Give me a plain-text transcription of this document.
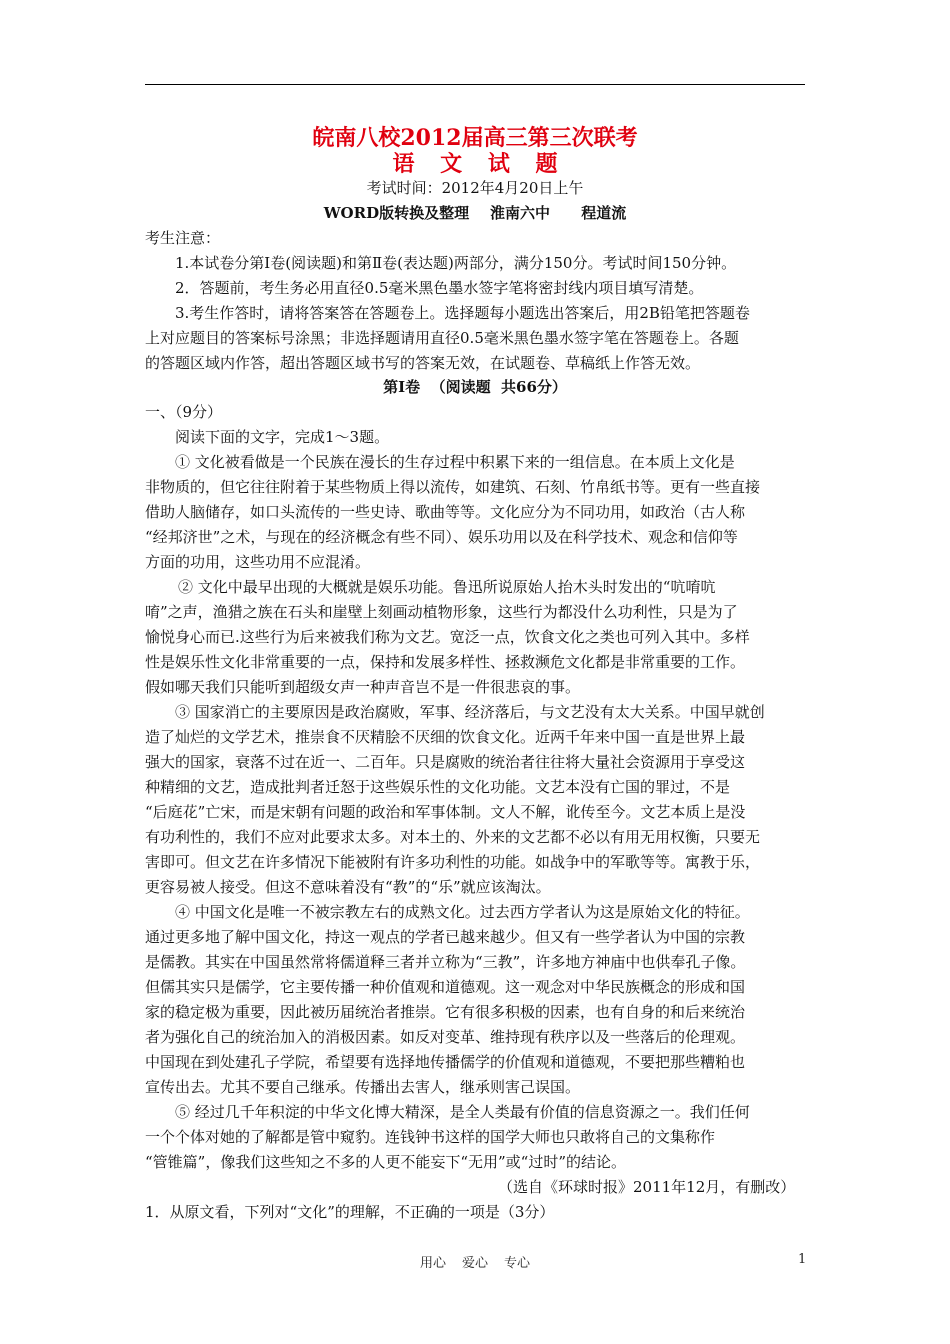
皖南八校2012届高三第三次联考
语 文 试 题
考试时间：2012年4月20日上午
WORD版转换及整理    淮南六中      程道流
考生注意：
1.本试卷分第Ⅰ卷(阅读题)和第Ⅱ卷(表达题)两部分，满分150分。考试时间150分钟。
2．答题前，考生务必用直径0.5毫米黑色墨水签字笔将密封线内项目填写清楚。
3.考生作答时，请将答案答在答题卷上。选择题每小题选出答案后，用2B铅笔把答题卷
上对应题目的答案标号涂黑；非选择题请用直径0.5毫米黑色墨水签字笔在答题卷上。各题
的答题区域内作答，超出答题区域书写的答案无效，在试题卷、草稿纸上作答无效。
第Ⅰ卷  （阅读题  共66分）
一、（9分）
阅读下面的文字，完成1～3题。
① 文化被看做是一个民族在漫长的生存过程中积累下来的一组信息。在本质上文化是
非物质的，但它往往附着于某些物质上得以流传，如建筑、石刻、竹帛纸书等。更有一些直接
借助人脑储存，如口头流传的一些史诗、歌曲等等。文化应分为不同功用，如政治（古人称
“经邦济世”之术，与现在的经济概念有些不同）、娱乐功用以及在科学技术、观念和信仰等
方面的功用，这些功用不应混淆。
② 文化中最早出现的大概就是娱乐功能。鲁迅所说原始人抬木头时发出的“吭唷吭
唷”之声，渔猎之族在石头和崖壁上刻画动植物形象，这些行为都没什么功利性，只是为了
愉悦身心而已.这些行为后来被我们称为文艺。宽泛一点，饮食文化之类也可列入其中。多样
性是娱乐性文化非常重要的一点，保持和发展多样性、拯救濒危文化都是非常重要的工作。
假如哪天我们只能听到超级女声一种声音岂不是一件很悲哀的事。
③ 国家消亡的主要原因是政治腐败，军事、经济落后，与文艺没有太大关系。中国早就创
造了灿烂的文学艺术，推崇食不厌精脍不厌细的饮食文化。近两千年来中国一直是世界上最
强大的国家，衰落不过在近一、二百年。只是腐败的统治者往往将大量社会资源用于享受这
种精细的文艺，造成批判者迁怒于这些娱乐性的文化功能。文艺本没有亡国的罪过，不是
“后庭花”亡宋，而是宋朝有问题的政治和军事体制。文人不解，讹传至今。文艺本质上是没
有功利性的，我们不应对此要求太多。对本土的、外来的文艺都不必以有用无用权衡，只要无
害即可。但文艺在许多情况下能被附有许多功利性的功能。如战争中的军歌等等。寓教于乐，
更容易被人接受。但这不意味着没有“教”的“乐”就应该淘汰。
④ 中国文化是唯一不被宗教左右的成熟文化。过去西方学者认为这是原始文化的特征。
通过更多地了解中国文化，持这一观点的学者已越来越少。但又有一些学者认为中国的宗教
是儒教。其实在中国虽然常将儒道释三者并立称为“三教”，许多地方神庙中也供奉孔子像。
但儒其实只是儒学，它主要传播一种价值观和道德观。这一观念对中华民族概念的形成和国
家的稳定极为重要，因此被历届统治者推崇。它有很多积极的因素，也有自身的和后来统治
者为强化自己的统治加入的消极因素。如反对变革、维持现有秩序以及一些落后的伦理观。
中国现在到处建孔子学院，希望要有选择地传播儒学的价值观和道德观，不要把那些糟粕也
宣传出去。尤其不要自己继承。传播出去害人，继承则害己误国。
⑤ 经过几千年积淀的中华文化博大精深，是全人类最有价值的信息资源之一。我们任何
一个个体对她的了解都是管中窥豹。连钱钟书这样的国学大师也只敢将自己的文集称作
“管锥篇”，像我们这些知之不多的人更不能妄下“无用”或“过时”的结论。
（选自《环球时报》2011年12月，有删改）
1．从原文看，下列对“文化”的理解，不正确的一项是（3分）
用心 爱心 专心	1
